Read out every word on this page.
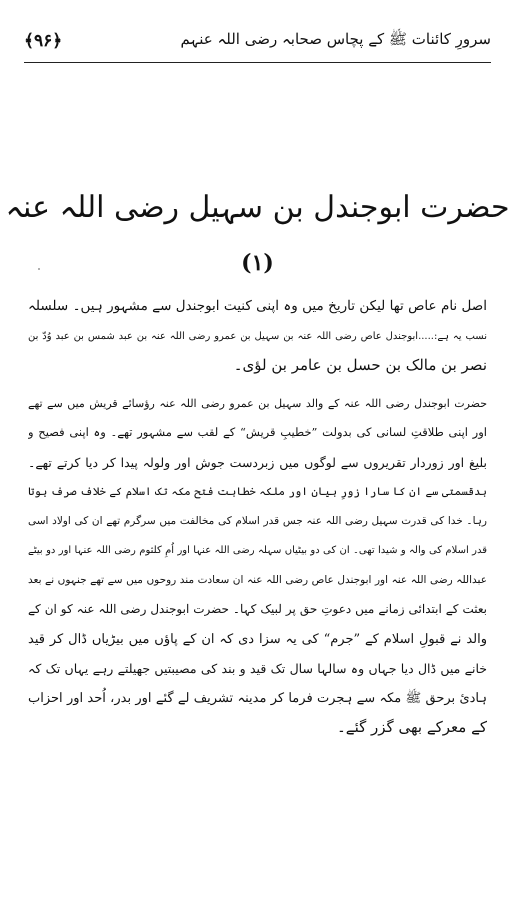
﴿۹۶﴾	سرورِ کائنات ﷺ کے پچاس صحابہ رضی اللہ عنہم
حضرت ابوجندل بن سہیل رضی اللہ عنہ
(۱)
اصل نام عاص تھا لیکن تاریخ میں وہ اپنی کنیت ابوجندل سے مشہور ہیں۔ سلسلہ
نسب یہ ہے:.....ابوجندل عاص رضی اللہ عنہ بن سہیل بن عمرو رضی اللہ عنہ بن عبد شمس بن عبد وُدّ بن
نصر بن مالک بن حسل بن عامر بن لؤی۔
حضرت ابوجندل رضی اللہ عنہ کے والد سہیل بن عمرو رضی اللہ عنہ رؤسائے قریش میں سے تھے
اور اپنی طلاقتِ لسانی کی بدولت ”خطیبِ قریش“ کے لقب سے مشہور تھے۔ وہ اپنی فصیح و
بلیغ اور زوردار تقریروں سے لوگوں میں زبردست جوش اور ولولہ پیدا کر دیا کرتے تھے۔
بدقسمتی سے ان کا سارا زورِ بیان اور ملکہ خطابت فتح مکہ تک اسلام کے خلاف صرف ہوتا
رہا۔ خدا کی قدرت سہیل رضی اللہ عنہ جس قدر اسلام کی مخالفت میں سرگرم تھے ان کی اولاد اسی
قدر اسلام کی والہ و شیدا تھی۔ ان کی دو بیٹیاں سہلہ رضی اللہ عنہا اور اُمِ کلثوم رضی اللہ عنہا اور دو بیٹے
عبداللہ رضی اللہ عنہ اور ابوجندل عاص رضی اللہ عنہ ان سعادت مند روحوں میں سے تھے جنہوں نے بعد
بعثت کے ابتدائی زمانے میں دعوتِ حق پر لبیک کہا۔ حضرت ابوجندل رضی اللہ عنہ کو ان کے
والد نے قبولِ اسلام کے ”جرم“ کی یہ سزا دی کہ ان کے پاؤں میں بیڑیاں ڈال کر قید
خانے میں ڈال دیا جہاں وہ سالہا سال تک قید و بند کی مصیبتیں جھیلتے رہے یہاں تک کہ
ہادیٔ برحق ﷺ مکہ سے ہجرت فرما کر مدینہ تشریف لے گئے اور بدر، اُحد اور احزاب
کے معرکے بھی گزر گئے۔
